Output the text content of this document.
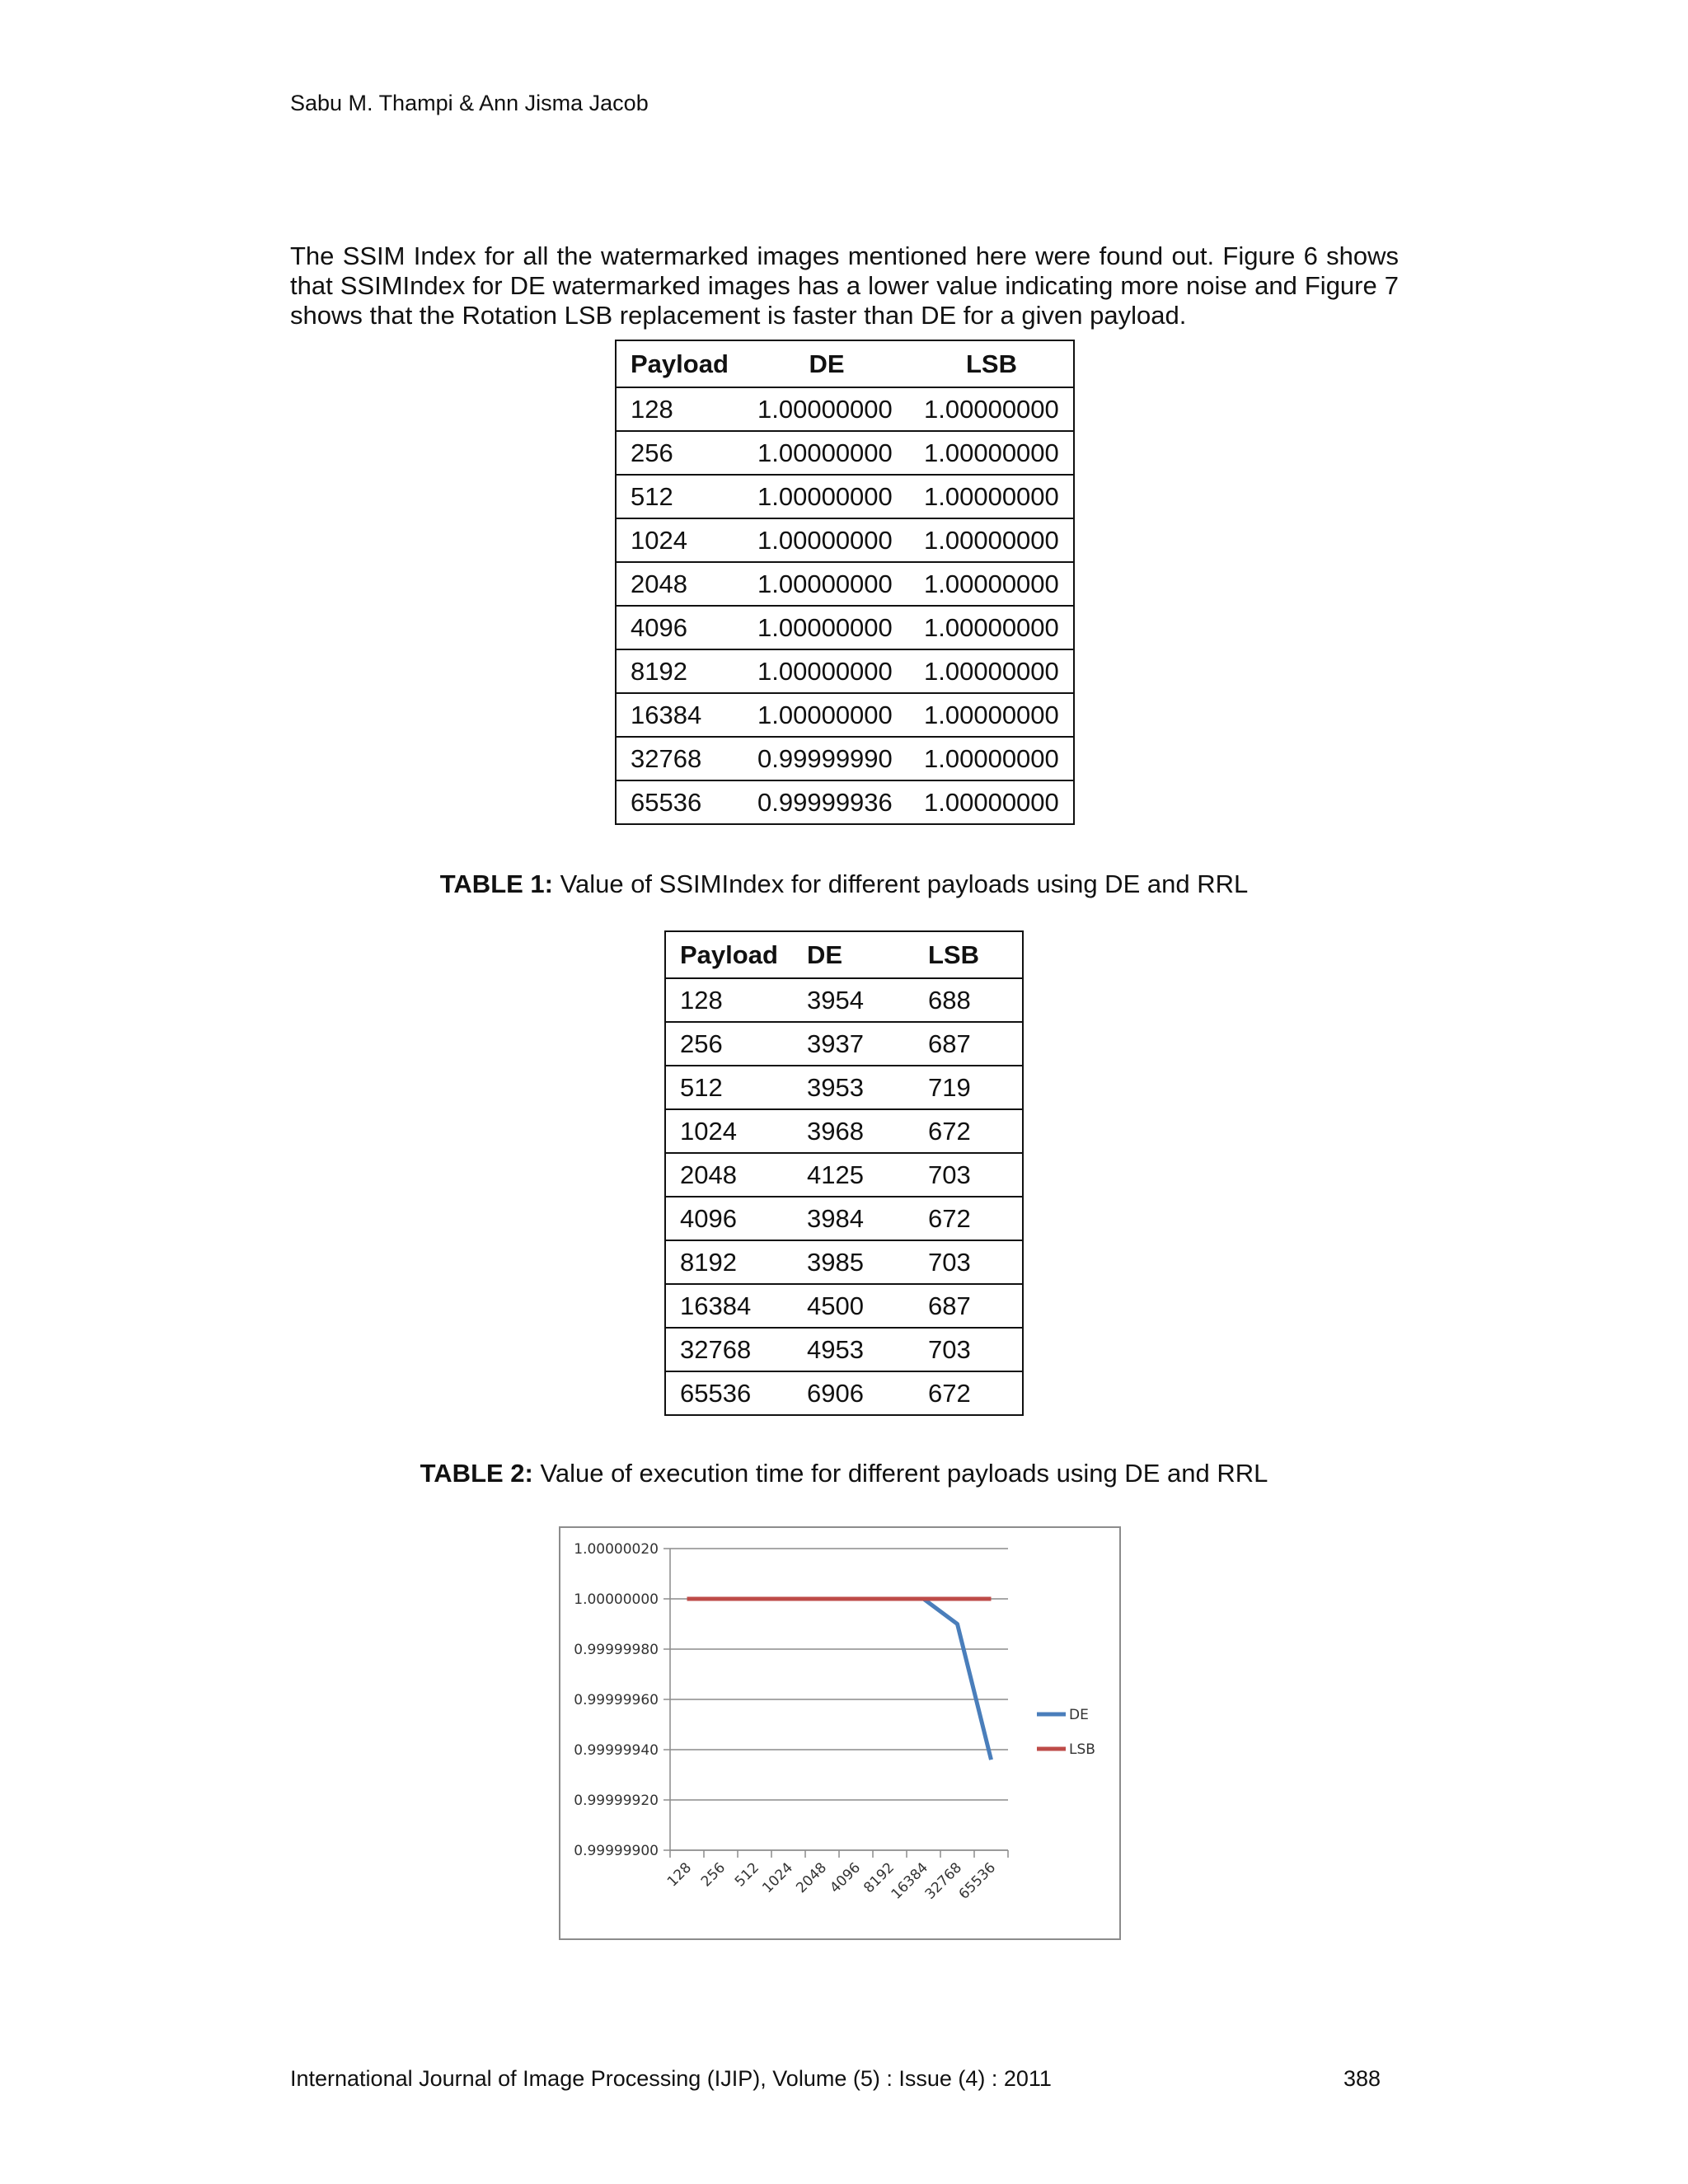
Sabu M. Thampi & Ann Jisma Jacob

The SSIM Index for all the watermarked images mentioned here were found out. Figure 6 shows that SSIMIndex for DE watermarked images has a lower value indicating more noise and Figure 7 shows that the Rotation LSB replacement is faster than DE for a given payload.

Payload	DE	LSB
128	1.00000000	1.00000000
256	1.00000000	1.00000000
512	1.00000000	1.00000000
1024	1.00000000	1.00000000
2048	1.00000000	1.00000000
4096	1.00000000	1.00000000
8192	1.00000000	1.00000000
16384	1.00000000	1.00000000
32768	0.99999990	1.00000000
65536	0.99999936	1.00000000
TABLE 1: Value of SSIMIndex for different payloads using DE and RRL
Payload	DE	LSB
128	3954	688
256	3937	687
512	3953	719
1024	3968	672
2048	4125	703
4096	3984	672
8192	3985	703
16384	4500	687
32768	4953	703
65536	6906	672
TABLE 2: Value of execution time for different payloads using DE and RRL
1.00000020
1.00000000
0.99999980
0.99999960
0.99999940
0.99999920
0.99999900
128 256 512
1024
2048
4096
8192
16384
32768
65536
DE
LSB
International Journal of Image Processing (IJIP), Volume (5) : Issue (4) : 2011	388
